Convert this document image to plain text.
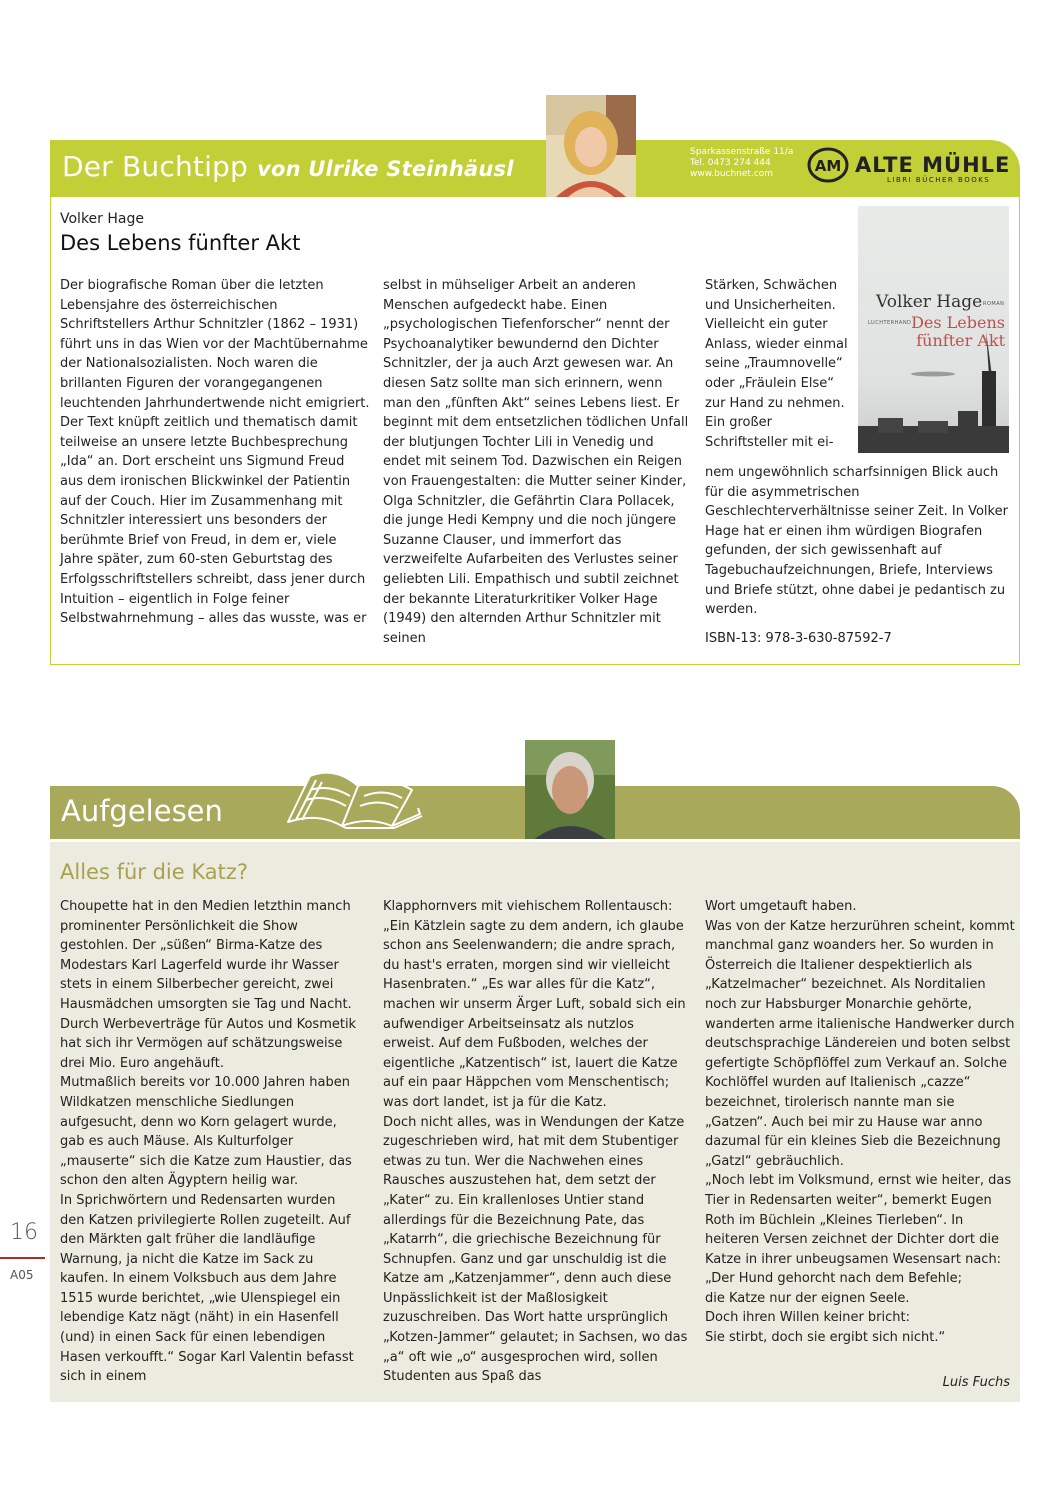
Der Buchtipp von Ulrike Steinhäusl
Sparkassenstraße 11/a
Tel. 0473 274 444
www.buchnet.com	AM ALTE MÜHLE
LIBRI BÜCHER BOOKS
Volker Hage
Des Lebens fünfter Akt
Der biografische Roman über die letzten Lebensjahre des österreichischen Schriftstellers Arthur Schnitzler (1862 – 1931) führt uns in das Wien vor der Machtübernahme der Nationalsozialisten. Noch waren die brillanten Figuren der vorangegangenen leuchtenden Jahrhundertwende nicht emigriert. Der Text knüpft zeitlich und thematisch damit teilweise an unsere letzte Buchbesprechung „Ida“ an. Dort erscheint uns Sigmund Freud aus dem ironischen Blickwinkel der Patientin auf der Couch. Hier im Zusammenhang mit Schnitzler interessiert uns besonders der berühmte Brief von Freud, in dem er, viele Jahre später, zum 60-sten Geburtstag des Erfolgsschriftstellers schreibt, dass jener durch Intuition – eigentlich in Folge feiner Selbstwahrnehmung – alles das wusste, was er
selbst in mühseliger Arbeit an anderen Menschen aufgedeckt habe. Einen „psychologischen Tiefenforscher“ nennt der Psychoanalytiker bewundernd den Dichter Schnitzler, der ja auch Arzt gewesen war. An diesen Satz sollte man sich erinnern, wenn man den „fünften Akt“ seines Lebens liest. Er beginnt mit dem entsetzlichen tödlichen Unfall der blutjungen Tochter Lili in Venedig und endet mit seinem Tod. Dazwischen ein Reigen von Frauengestalten: die Mutter seiner Kinder, Olga Schnitzler, die Gefährtin Clara Pollacek, die junge Hedi Kempny und die noch jüngere Suzanne Clauser, und immerfort das verzweifelte Aufarbeiten des Verlustes seiner geliebten Lili. Empathisch und subtil zeichnet der bekannte Literaturkritiker Volker Hage (1949) den alternden Arthur Schnitzler mit seinen
Stärken, Schwächen und Unsicherheiten. Vielleicht ein guter Anlass, wieder einmal seine „Traumnovelle“ oder „Fräulein Else“ zur Hand zu nehmen. Ein großer Schriftsteller mit ei-
nem ungewöhnlich scharfsinnigen Blick auch für die asymmetrischen Geschlechterverhältnisse seiner Zeit. In Volker Hage hat er einen ihm würdigen Biografen gefunden, der sich gewissenhaft auf Tagebuchaufzeichnungen, Briefe, Interviews und Briefe stützt, ohne dabei je pedantisch zu werden.
ISBN-13: 978-3-630-87592-7
Volker Hage ROMAN
LUCHTERHAND Des Lebens
fünfter Akt
Aufgelesen
Alles für die Katz?
Choupette hat in den Medien letzthin manch prominenter Persönlichkeit die Show gestohlen. Der „süßen“ Birma-Katze des Modestars Karl Lagerfeld wurde ihr Wasser stets in einem Silberbecher gereicht, zwei Hausmädchen umsorgten sie Tag und Nacht. Durch Werbeverträge für Autos und Kosmetik hat sich ihr Vermögen auf schätzungsweise drei Mio. Euro angehäuft.
Mutmaßlich bereits vor 10.000 Jahren haben Wildkatzen menschliche Siedlungen aufgesucht, denn wo Korn gelagert wurde, gab es auch Mäuse. Als Kulturfolger „mauserte“ sich die Katze zum Haustier, das schon den alten Ägyptern heilig war.
In Sprichwörtern und Redensarten wurden den Katzen privilegierte Rollen zugeteilt. Auf den Märkten galt früher die landläufige Warnung, ja nicht die Katze im Sack zu kaufen. In einem Volksbuch aus dem Jahre 1515 wurde berichtet, „wie Ulenspiegel ein lebendige Katz nägt (näht) in ein Hasenfell (und) in einen Sack für einen lebendigen Hasen verkoufft.“ Sogar Karl Valentin befasst sich in einem
Klapphornvers mit viehischem Rollentausch: „Ein Kätzlein sagte zu dem andern, ich glaube schon ans Seelenwandern; die andre sprach, du hast's erraten, morgen sind wir vielleicht Hasenbraten.“ „Es war alles für die Katz“, machen wir unserm Ärger Luft, sobald sich ein aufwendiger Arbeitseinsatz als nutzlos erweist. Auf dem Fußboden, welches der eigentliche „Katzentisch“ ist, lauert die Katze auf ein paar Häppchen vom Menschentisch; was dort landet, ist ja für die Katz.
Doch nicht alles, was in Wendungen der Katze zugeschrieben wird, hat mit dem Stubentiger etwas zu tun. Wer die Nachwehen eines Rausches auszustehen hat, dem setzt der „Kater“ zu. Ein krallenloses Untier stand allerdings für die Bezeichnung Pate, das „Katarrh“, die griechische Bezeichnung für Schnupfen. Ganz und gar unschuldig ist die Katze am „Katzenjammer“, denn auch diese Unpässlichkeit ist der Maßlosigkeit zuzuschreiben. Das Wort hatte ursprünglich „Kotzen-Jammer“ gelautet; in Sachsen, wo das „a“ oft wie „o“ ausgesprochen wird, sollen Studenten aus Spaß das
Wort umgetauft haben.
Was von der Katze herzurühren scheint, kommt manchmal ganz woanders her. So wurden in Österreich die Italiener despektierlich als „Katzelmacher“ bezeichnet. Als Norditalien noch zur Habsburger Monarchie gehörte, wanderten arme italienische Handwerker durch deutschsprachige Ländereien und boten selbst gefertigte Schöpflöffel zum Verkauf an. Solche Kochlöffel wurden auf Italienisch „cazze“ bezeichnet, tirolerisch nannte man sie „Gatzen“. Auch bei mir zu Hause war anno dazumal für ein kleines Sieb die Bezeichnung „Gatzl“ gebräuchlich.
„Noch lebt im Volksmund, ernst wie heiter, das Tier in Redensarten weiter“, bemerkt Eugen Roth im Büchlein „Kleines Tierleben“. In heiteren Versen zeichnet der Dichter dort die Katze in ihrer unbeugsamen Wesensart nach:
„Der Hund gehorcht nach dem Befehle;
die Katze nur der eignen Seele.
Doch ihren Willen keiner bricht:
Sie stirbt, doch sie ergibt sich nicht.“
Luis Fuchs
16
A05
